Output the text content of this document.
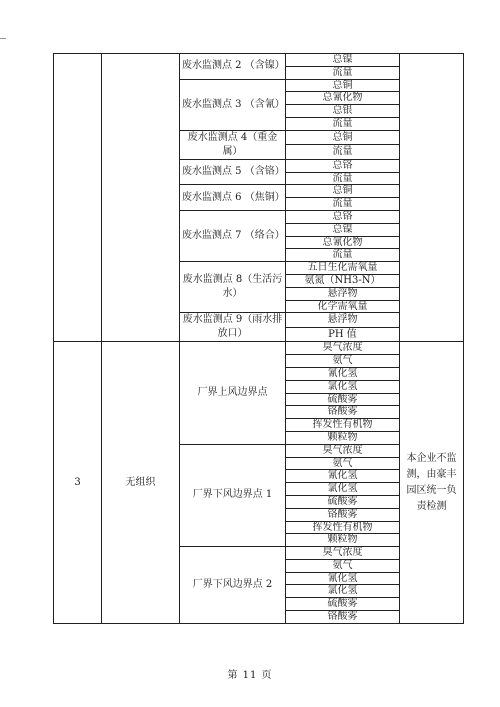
		废水监测点 2 （含镍）	总镍	
			流量	
		废水监测点 3 （含氰）	总铜	
			总氰化物	
			总银	
			流量	
		废水监测点 4（重金属）	总铜	
			流量	
		废水监测点 5 （含铬）	总铬	
			流量	
		废水监测点 6 （焦铜）	总铜	
			流量	
		废水监测点 7 （络合）	总铬	
			总镍	
			总氰化物	
			流量	
		废水监测点 8（生活污水）	五日生化需氧量	
			氨氮（NH3-N）	
			悬浮物	
			化学需氧量	
		废水监测点 9（雨水排放口）	悬浮物	
			PH 值	
3	无组织	厂界上风边界点	臭气浓度	本企业不监测，由豪丰园区统一负责检测
			氨气	
			氰化氢	
			氯化氢	
			硫酸雾	
			铬酸雾	
			挥发性有机物	
			颗粒物	
		厂界下风边界点 1	臭气浓度	
			氨气	
			氰化氢	
			氯化氢	
			硫酸雾	
			铬酸雾	
			挥发性有机物	
			颗粒物	
		厂界下风边界点 2	臭气浓度	
			氨气	
			氰化氢	
			氯化氢	
			硫酸雾	
			铬酸雾	
第 11 页
